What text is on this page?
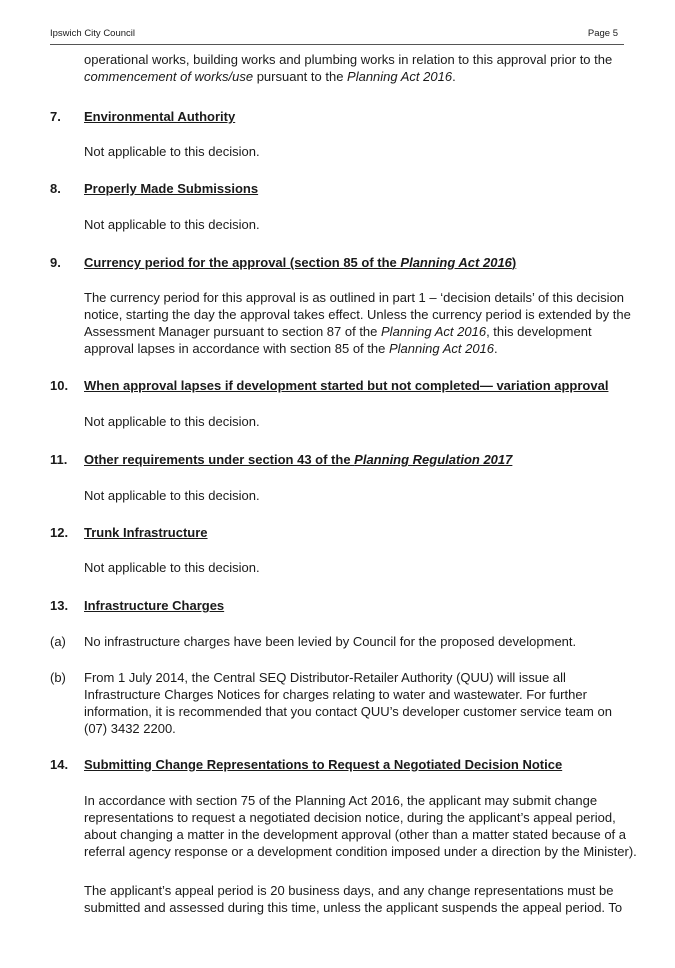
Ipswich City Council	Page 5

operational works, building works and plumbing works in relation to this approval prior to the

commencement of works/use pursuant to the Planning Act 2016.

7. Environmental Authority

Not applicable to this decision.

8. Properly Made Submissions

Not applicable to this decision.

9. Currency period for the approval (section 85 of the Planning Act 2016)

The currency period for this approval is as outlined in part 1 – ‘decision details’ of this decision

notice, starting the day the approval takes effect. Unless the currency period is extended by the

Assessment Manager pursuant to section 87 of the Planning Act 2016, this development

approval lapses in accordance with section 85 of the Planning Act 2016.

10. When approval lapses if development started but not completed— variation approval

Not applicable to this decision.

11. Other requirements under section 43 of the Planning Regulation 2017

Not applicable to this decision.

12. Trunk Infrastructure

Not applicable to this decision.

13. Infrastructure Charges
(a) No infrastructure charges have been levied by Council for the proposed development.

(b) From 1 July 2014, the Central SEQ Distributor-Retailer Authority (QUU) will issue all

Infrastructure Charges Notices for charges relating to water and wastewater. For further

information, it is recommended that you contact QUU’s developer customer service team on

(07) 3432 2200.

14. Submitting Change Representations to Request a Negotiated Decision Notice

In accordance with section 75 of the Planning Act 2016, the applicant may submit change

representations to request a negotiated decision notice, during the applicant’s appeal period,

about changing a matter in the development approval (other than a matter stated because of a

referral agency response or a development condition imposed under a direction by the Minister).

The applicant’s appeal period is 20 business days, and any change representations must be

submitted and assessed during this time, unless the applicant suspends the appeal period. To
